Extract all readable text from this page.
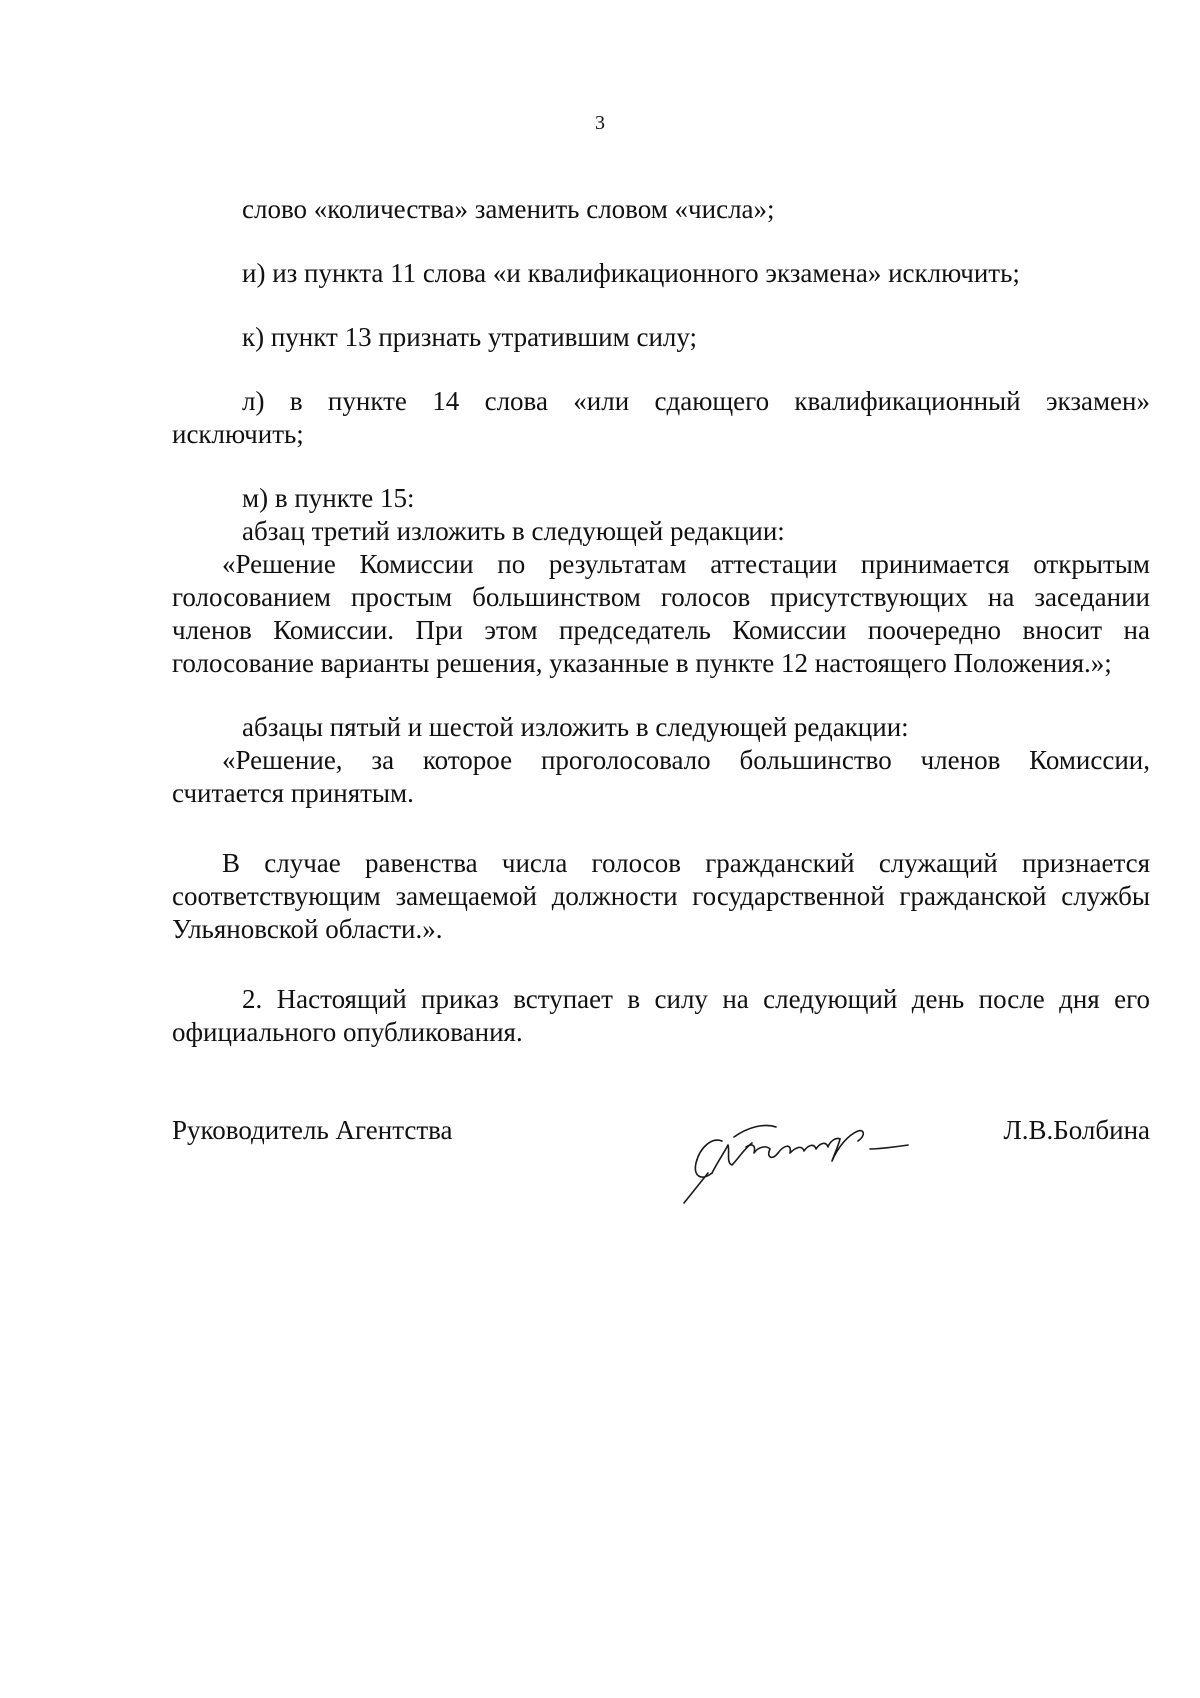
3

слово «количества» заменить словом «числа»;

и) из пункта 11 слова «и квалификационного экзамена» исключить;

к) пункт 13 признать утратившим силу;

л) в пункте 14 слова «или сдающего квалификационный экзамен»
исключить;

м) в пункте 15:
абзац третий изложить в следующей редакции:

«Решение Комиссии по результатам аттестации принимается открытым
голосованием простым большинством голосов присутствующих на заседании
членов Комиссии. При этом председатель Комиссии поочередно вносит на
голосование варианты решения, указанные в пункте 12 настоящего Положения.»;

абзацы пятый и шестой изложить в следующей редакции:

«Решение, за которое проголосовало большинство членов Комиссии,
считается принятым.

В случае равенства числа голосов гражданский служащий признается
соответствующим замещаемой должности государственной гражданской службы
Ульяновской области.».

2. Настоящий приказ вступает в силу на следующий день после дня его
официального опубликования.

Руководитель Агентства	Л.В.Болбина
